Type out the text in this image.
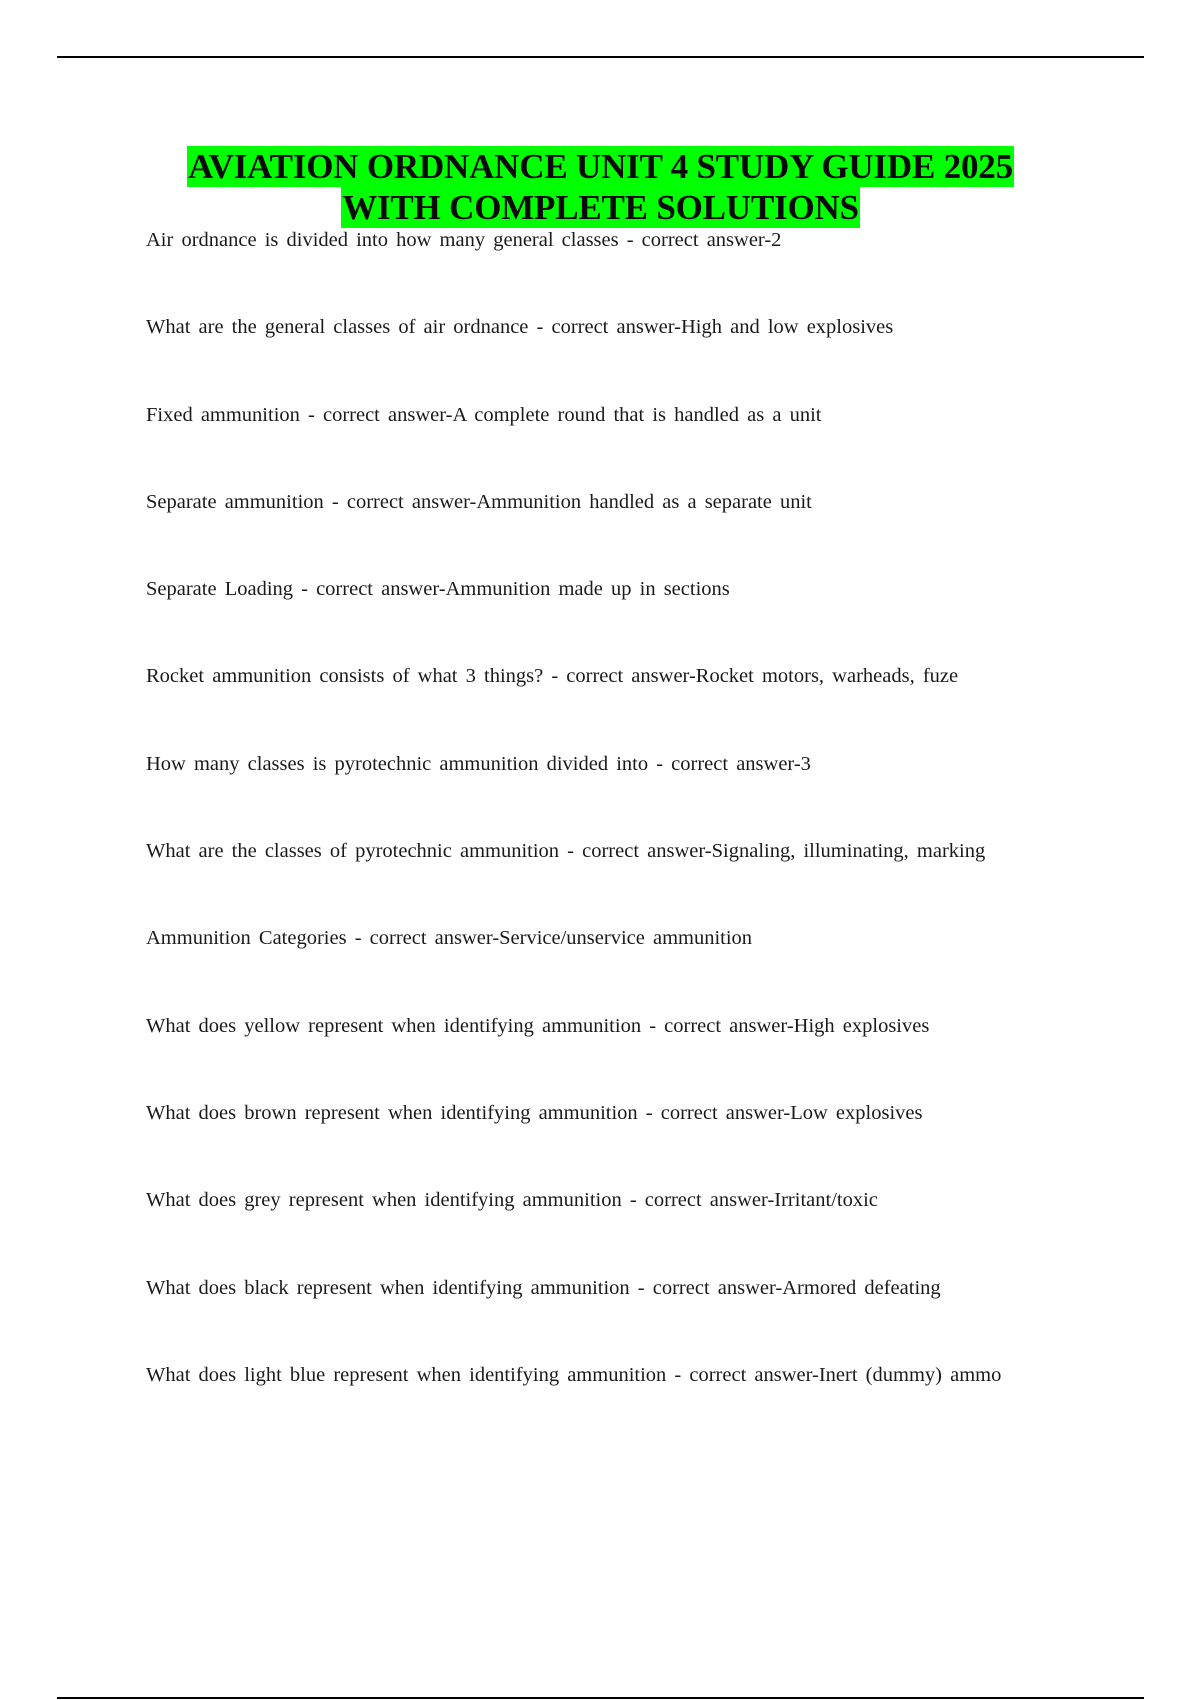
AVIATION ORDNANCE UNIT 4 STUDY GUIDE 2025
WITH COMPLETE SOLUTIONS
Air ordnance is divided into how many general classes - correct answer-2
What are the general classes of air ordnance - correct answer-High and low explosives
Fixed ammunition - correct answer-A complete round that is handled as a unit
Separate ammunition - correct answer-Ammunition handled as a separate unit
Separate Loading - correct answer-Ammunition made up in sections
Rocket ammunition consists of what 3 things? - correct answer-Rocket motors, warheads, fuze
How many classes is pyrotechnic ammunition divided into - correct answer-3
What are the classes of pyrotechnic ammunition - correct answer-Signaling, illuminating, marking
Ammunition Categories - correct answer-Service/unservice ammunition
What does yellow represent when identifying ammunition - correct answer-High explosives
What does brown represent when identifying ammunition - correct answer-Low explosives
What does grey represent when identifying ammunition - correct answer-Irritant/toxic
What does black represent when identifying ammunition - correct answer-Armored defeating
What does light blue represent when identifying ammunition - correct answer-Inert (dummy) ammo
